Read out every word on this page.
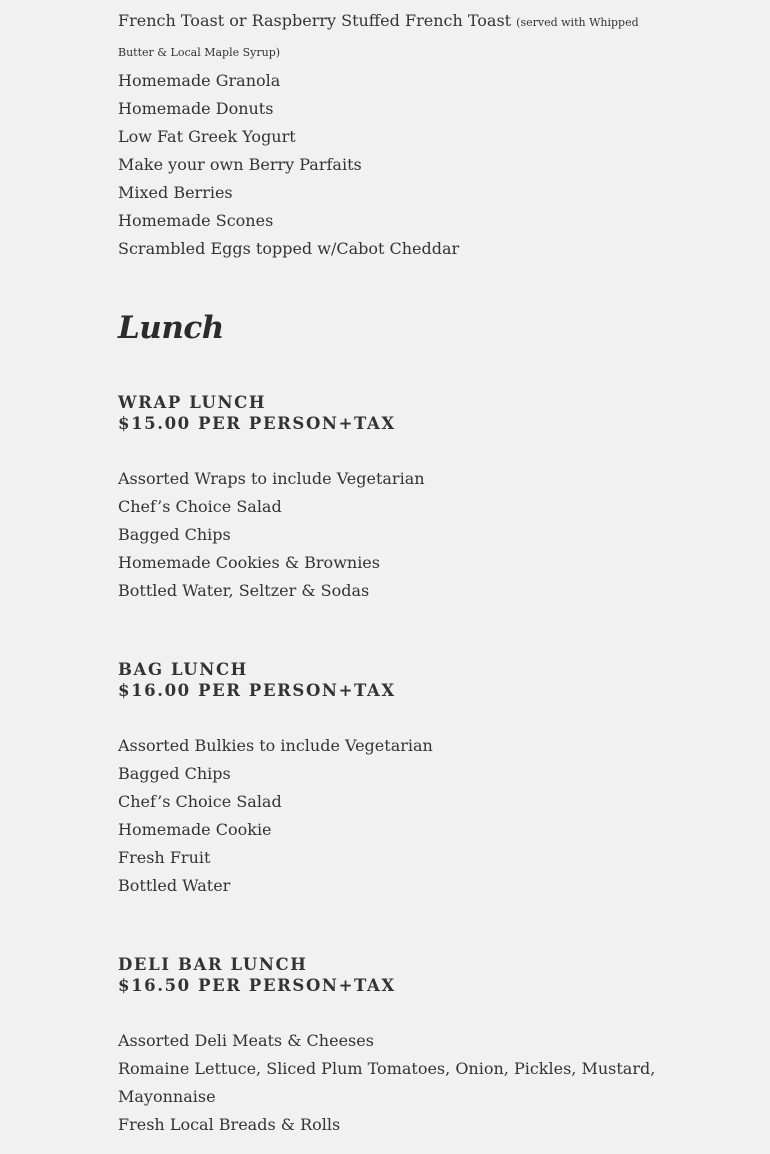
French Toast or Raspberry Stuffed French Toast (served with Whipped Butter & Local Maple Syrup)

Homemade Granola

Homemade Donuts

Low Fat Greek Yogurt

Make your own Berry Parfaits

Mixed Berries

Homemade Scones

Scrambled Eggs topped w/Cabot Cheddar

Lunch
WRAP LUNCH
$15.00 PER PERSON+TAX

Assorted Wraps to include Vegetarian

Chef’s Choice Salad

Bagged Chips

Homemade Cookies & Brownies

Bottled Water, Seltzer & Sodas

BAG LUNCH
$16.00 PER PERSON+TAX

Assorted Bulkies to include Vegetarian

Bagged Chips

Chef’s Choice Salad

Homemade Cookie

Fresh Fruit

Bottled Water

DELI BAR LUNCH
$16.50 PER PERSON+TAX

Assorted Deli Meats & Cheeses

Romaine Lettuce, Sliced Plum Tomatoes, Onion, Pickles, Mustard, Mayonnaise

Fresh Local Breads & Rolls
